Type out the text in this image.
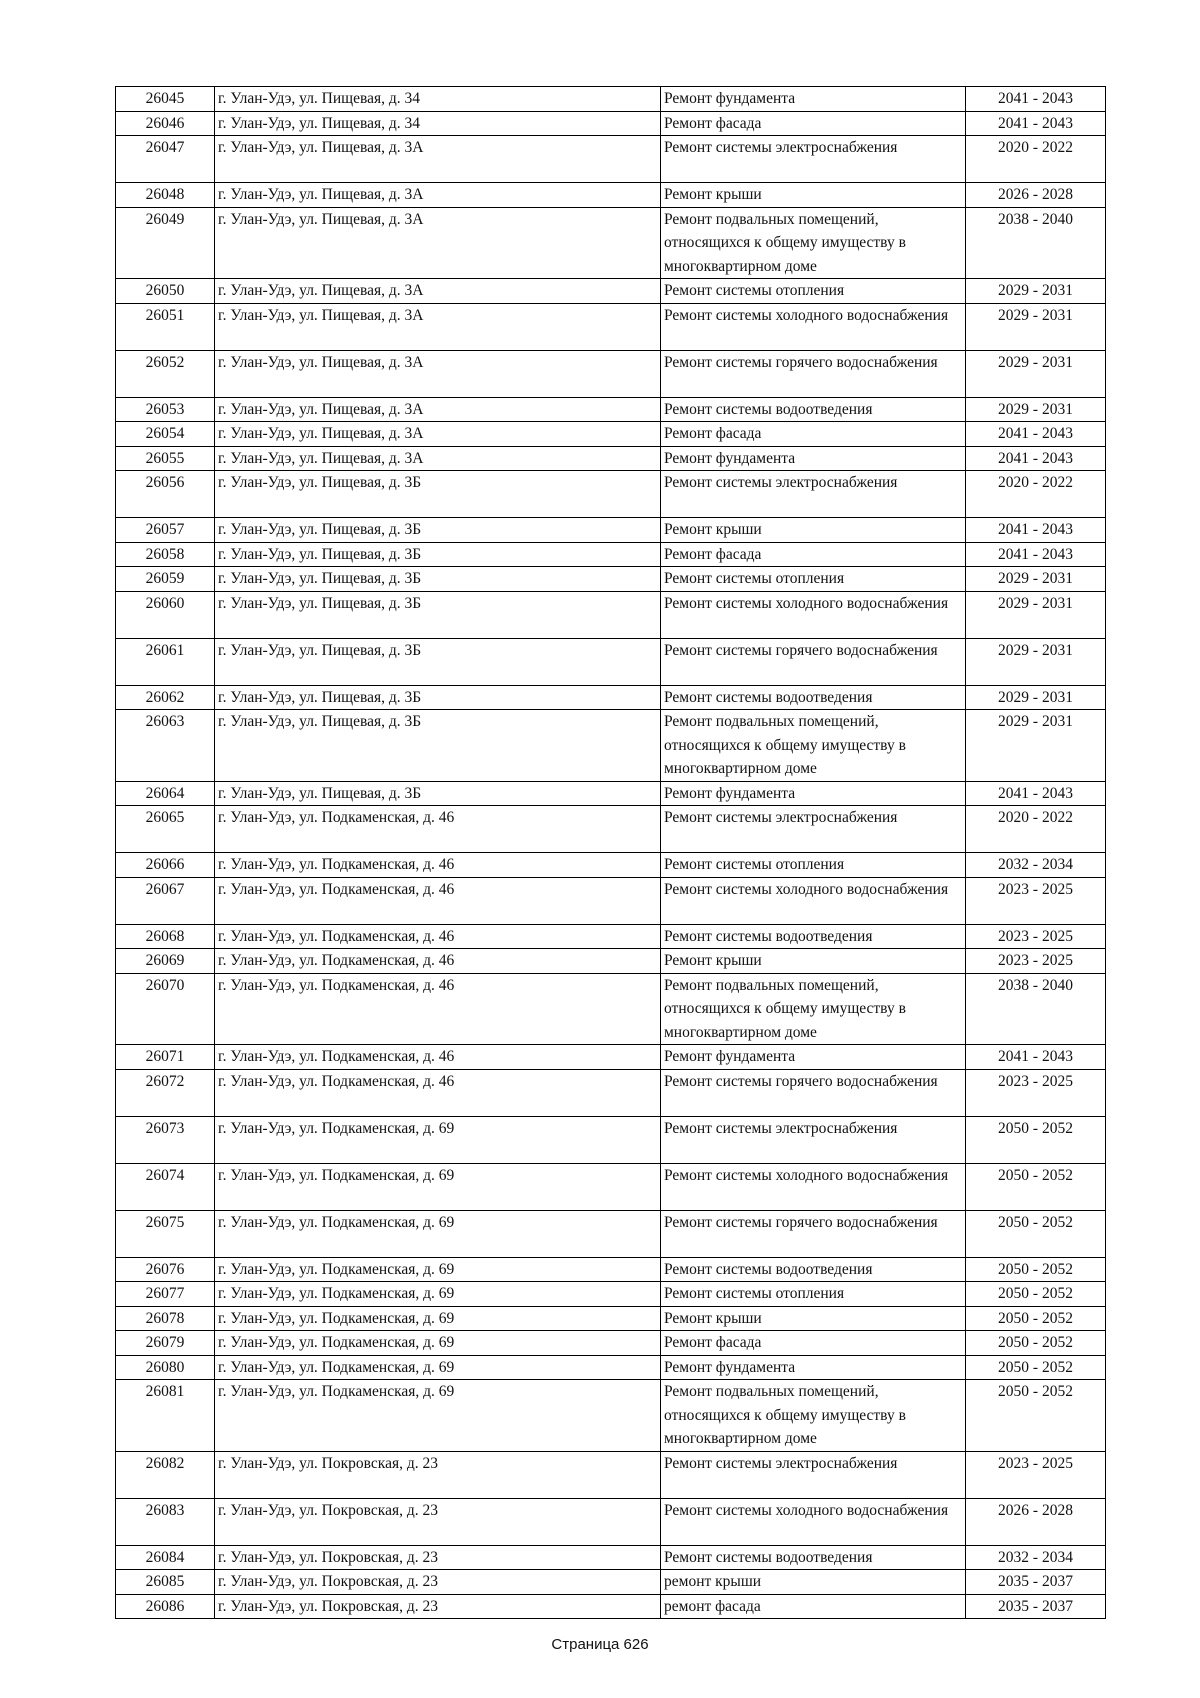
26045	г. Улан-Удэ, ул. Пищевая, д. 34	Ремонт фундамента	2041 - 2043
26046	г. Улан-Удэ, ул. Пищевая, д. 34	Ремонт фасада	2041 - 2043
26047	г. Улан-Удэ, ул. Пищевая, д. 3А	Ремонт системы электроснабжения	2020 - 2022
26048	г. Улан-Удэ, ул. Пищевая, д. 3А	Ремонт крыши	2026 - 2028
26049	г. Улан-Удэ, ул. Пищевая, д. 3А	Ремонт подвальных помещений, относящихся к общему имуществу в многоквартирном доме	2038 - 2040
26050	г. Улан-Удэ, ул. Пищевая, д. 3А	Ремонт системы отопления	2029 - 2031
26051	г. Улан-Удэ, ул. Пищевая, д. 3А	Ремонт системы холодного водоснабжения	2029 - 2031
26052	г. Улан-Удэ, ул. Пищевая, д. 3А	Ремонт системы горячего водоснабжения	2029 - 2031
26053	г. Улан-Удэ, ул. Пищевая, д. 3А	Ремонт системы водоотведения	2029 - 2031
26054	г. Улан-Удэ, ул. Пищевая, д. 3А	Ремонт фасада	2041 - 2043
26055	г. Улан-Удэ, ул. Пищевая, д. 3А	Ремонт фундамента	2041 - 2043
26056	г. Улан-Удэ, ул. Пищевая, д. 3Б	Ремонт системы электроснабжения	2020 - 2022
26057	г. Улан-Удэ, ул. Пищевая, д. 3Б	Ремонт крыши	2041 - 2043
26058	г. Улан-Удэ, ул. Пищевая, д. 3Б	Ремонт фасада	2041 - 2043
26059	г. Улан-Удэ, ул. Пищевая, д. 3Б	Ремонт системы отопления	2029 - 2031
26060	г. Улан-Удэ, ул. Пищевая, д. 3Б	Ремонт системы холодного водоснабжения	2029 - 2031
26061	г. Улан-Удэ, ул. Пищевая, д. 3Б	Ремонт системы горячего водоснабжения	2029 - 2031
26062	г. Улан-Удэ, ул. Пищевая, д. 3Б	Ремонт системы водоотведения	2029 - 2031
26063	г. Улан-Удэ, ул. Пищевая, д. 3Б	Ремонт подвальных помещений, относящихся к общему имуществу в многоквартирном доме	2029 - 2031
26064	г. Улан-Удэ, ул. Пищевая, д. 3Б	Ремонт фундамента	2041 - 2043
26065	г. Улан-Удэ, ул. Подкаменская, д. 46	Ремонт системы электроснабжения	2020 - 2022
26066	г. Улан-Удэ, ул. Подкаменская, д. 46	Ремонт системы отопления	2032 - 2034
26067	г. Улан-Удэ, ул. Подкаменская, д. 46	Ремонт системы холодного водоснабжения	2023 - 2025
26068	г. Улан-Удэ, ул. Подкаменская, д. 46	Ремонт системы водоотведения	2023 - 2025
26069	г. Улан-Удэ, ул. Подкаменская, д. 46	Ремонт крыши	2023 - 2025
26070	г. Улан-Удэ, ул. Подкаменская, д. 46	Ремонт подвальных помещений, относящихся к общему имуществу в многоквартирном доме	2038 - 2040
26071	г. Улан-Удэ, ул. Подкаменская, д. 46	Ремонт фундамента	2041 - 2043
26072	г. Улан-Удэ, ул. Подкаменская, д. 46	Ремонт системы горячего водоснабжения	2023 - 2025
26073	г. Улан-Удэ, ул. Подкаменская, д. 69	Ремонт системы электроснабжения	2050 - 2052
26074	г. Улан-Удэ, ул. Подкаменская, д. 69	Ремонт системы холодного водоснабжения	2050 - 2052
26075	г. Улан-Удэ, ул. Подкаменская, д. 69	Ремонт системы горячего водоснабжения	2050 - 2052
26076	г. Улан-Удэ, ул. Подкаменская, д. 69	Ремонт системы водоотведения	2050 - 2052
26077	г. Улан-Удэ, ул. Подкаменская, д. 69	Ремонт системы отопления	2050 - 2052
26078	г. Улан-Удэ, ул. Подкаменская, д. 69	Ремонт крыши	2050 - 2052
26079	г. Улан-Удэ, ул. Подкаменская, д. 69	Ремонт фасада	2050 - 2052
26080	г. Улан-Удэ, ул. Подкаменская, д. 69	Ремонт фундамента	2050 - 2052
26081	г. Улан-Удэ, ул. Подкаменская, д. 69	Ремонт подвальных помещений, относящихся к общему имуществу в многоквартирном доме	2050 - 2052
26082	г. Улан-Удэ, ул. Покровская, д. 23	Ремонт системы электроснабжения	2023 - 2025
26083	г. Улан-Удэ, ул. Покровская, д. 23	Ремонт системы холодного водоснабжения	2026 - 2028
26084	г. Улан-Удэ, ул. Покровская, д. 23	Ремонт системы водоотведения	2032 - 2034
26085	г. Улан-Удэ, ул. Покровская, д. 23	ремонт крыши	2035 - 2037
26086	г. Улан-Удэ, ул. Покровская, д. 23	ремонт фасада	2035 - 2037
Страница 626
